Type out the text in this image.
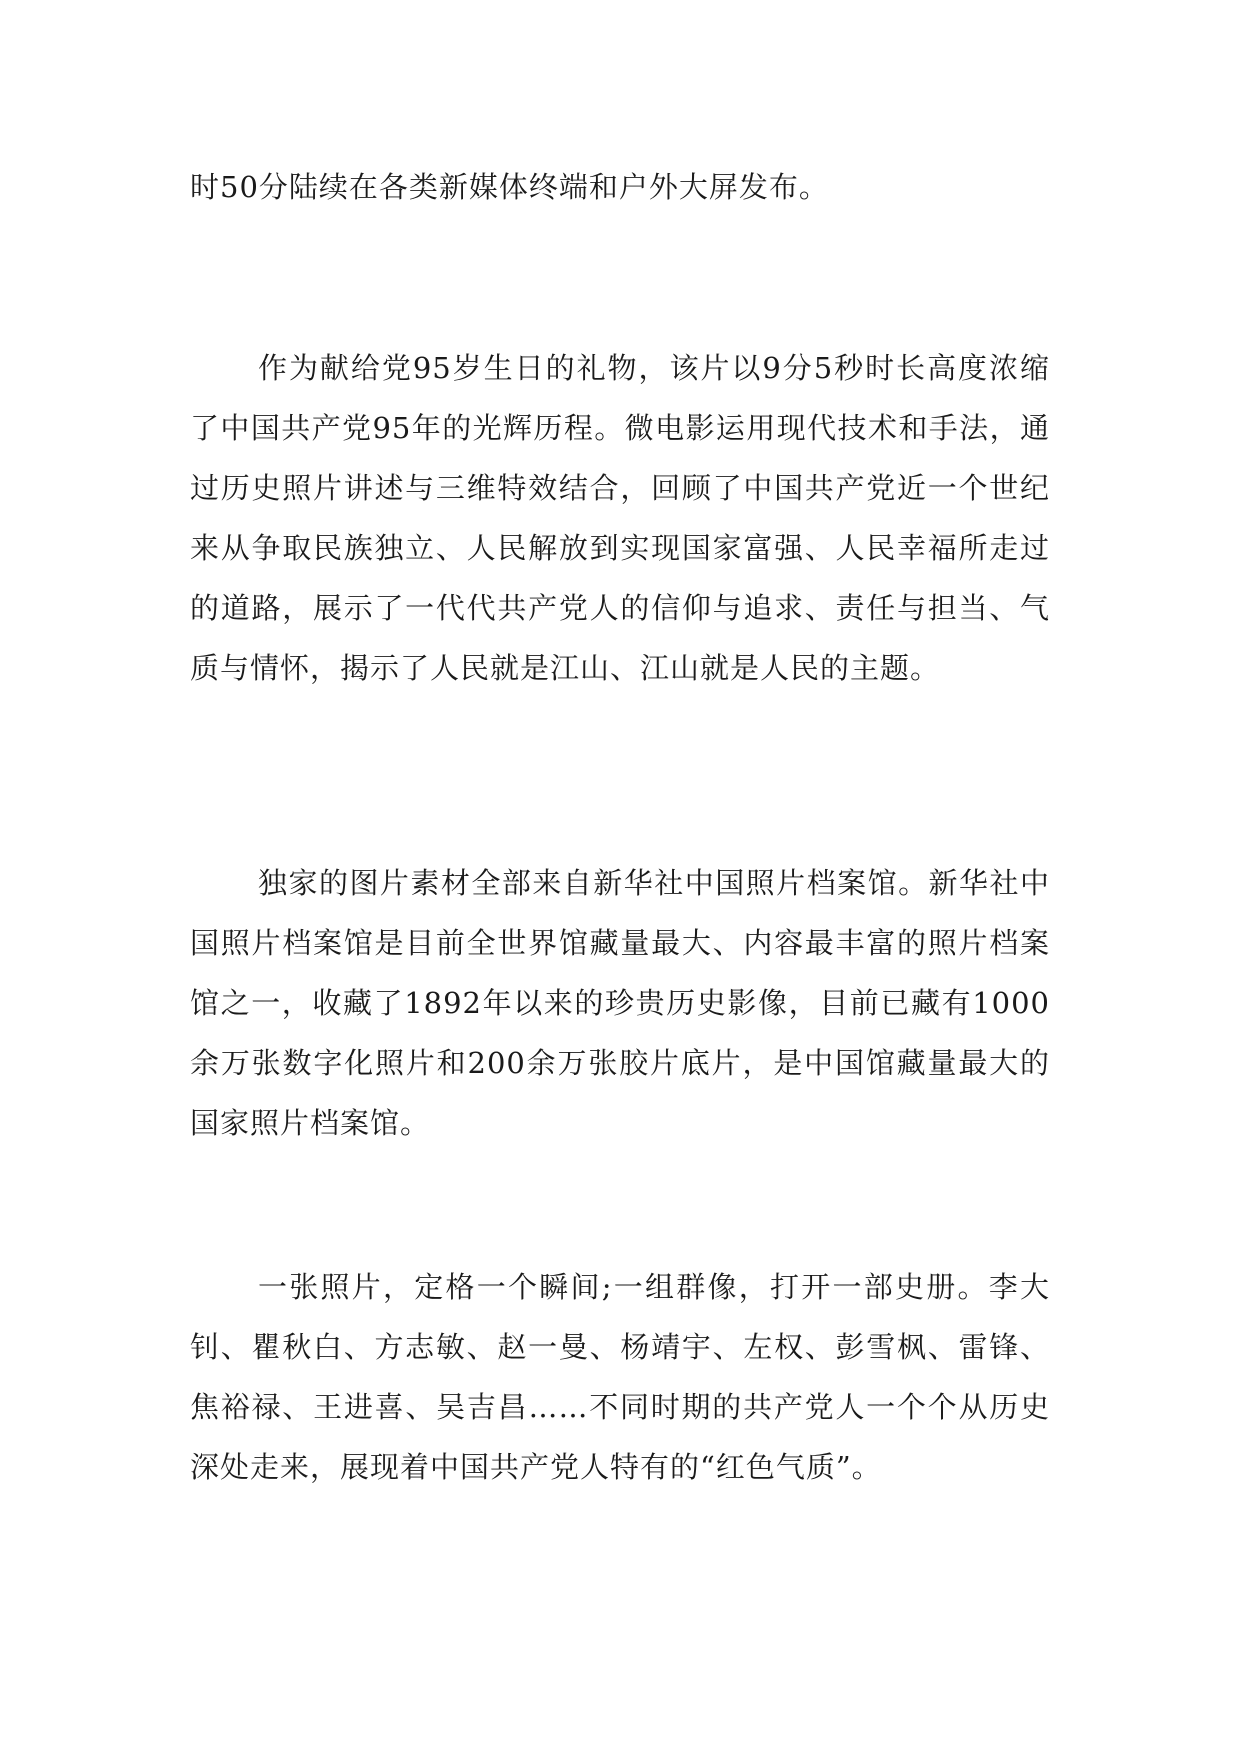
时50分陆续在各类新媒体终端和户外大屏发布。

作为献给党95岁生日的礼物，该片以9分5秒时长高度浓缩了中国共产党95年的光辉历程。微电影运用现代技术和手法，通过历史照片讲述与三维特效结合，回顾了中国共产党近一个世纪来从争取民族独立、人民解放到实现国家富强、人民幸福所走过的道路，展示了一代代共产党人的信仰与追求、责任与担当、气质与情怀，揭示了人民就是江山、江山就是人民的主题。

独家的图片素材全部来自新华社中国照片档案馆。新华社中国照片档案馆是目前全世界馆藏量最大、内容最丰富的照片档案馆之一，收藏了1892年以来的珍贵历史影像，目前已藏有1000余万张数字化照片和200余万张胶片底片，是中国馆藏量最大的国家照片档案馆。

一张照片，定格一个瞬间;一组群像，打开一部史册。李大钊、瞿秋白、方志敏、赵一曼、杨靖宇、左权、彭雪枫、雷锋、焦裕禄、王进喜、吴吉昌……不同时期的共产党人一个个从历史深处走来，展现着中国共产党人特有的“红色气质”。
